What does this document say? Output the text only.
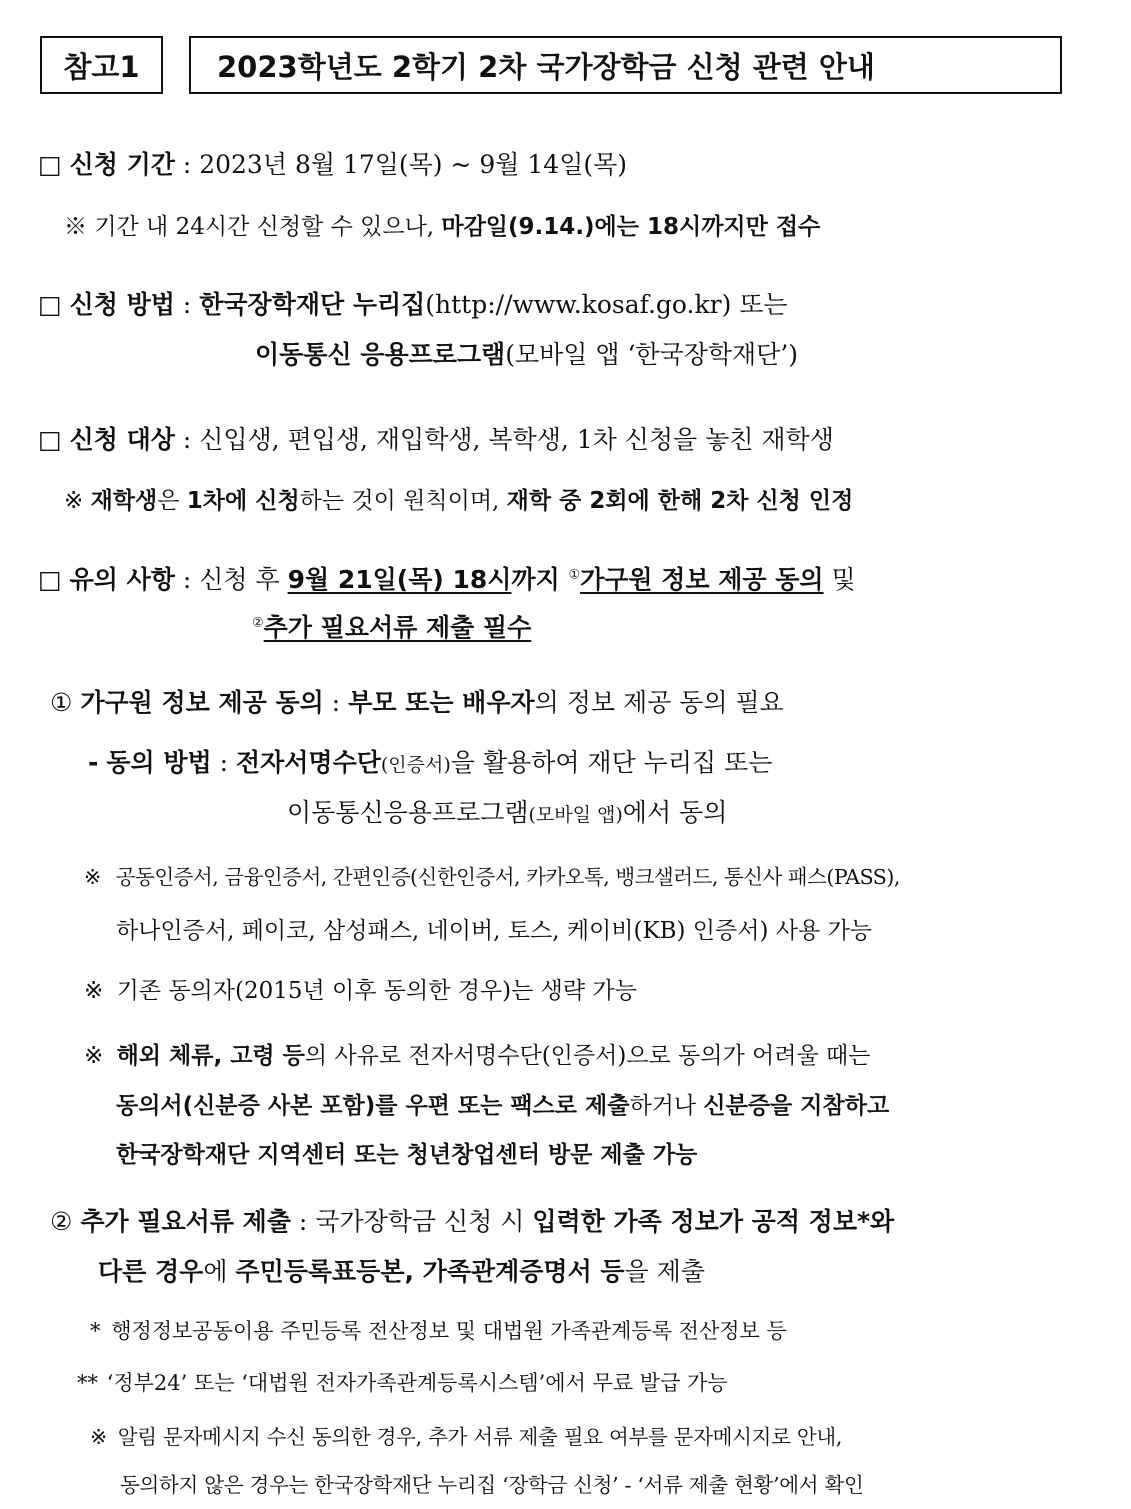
참고1	2023학년도 2학기 2차 국가장학금 신청 관련 안내
□ 신청 기간 : 2023년 8월 17일(목) ~ 9월 14일(목)
※ 기간 내 24시간 신청할 수 있으나, 마감일(9.14.)에는 18시까지만 접수
□ 신청 방법 : 한국장학재단 누리집(http://www.kosaf.go.kr) 또는
이동통신 응용프로그램(모바일 앱 ‘한국장학재단’)
□ 신청 대상 : 신입생, 편입생, 재입학생, 복학생, 1차 신청을 놓친 재학생
※ 재학생은 1차에 신청하는 것이 원칙이며, 재학 중 2회에 한해 2차 신청 인정
□ 유의 사항 : 신청 후 9월 21일(목) 18시까지 ①가구원 정보 제공 동의 및
②추가 필요서류 제출 필수
① 가구원 정보 제공 동의 : 부모 또는 배우자의 정보 제공 동의 필요
- 동의 방법 : 전자서명수단(인증서)을 활용하여 재단 누리집 또는
이동통신응용프로그램(모바일 앱)에서 동의
※ 공동인증서, 금융인증서, 간편인증(신한인증서, 카카오톡, 뱅크샐러드, 통신사 패스(PASS),
하나인증서, 페이코, 삼성패스, 네이버, 토스, 케이비(KB) 인증서) 사용 가능
※ 기존 동의자(2015년 이후 동의한 경우)는 생략 가능
※ 해외 체류, 고령 등의 사유로 전자서명수단(인증서)으로 동의가 어려울 때는
동의서(신분증 사본 포함)를 우편 또는 팩스로 제출하거나 신분증을 지참하고
한국장학재단 지역센터 또는 청년창업센터 방문 제출 가능
② 추가 필요서류 제출 : 국가장학금 신청 시 입력한 가족 정보가 공적 정보*와
다른 경우에 주민등록표등본, 가족관계증명서 등을 제출
* 행정정보공동이용 주민등록 전산정보 및 대법원 가족관계등록 전산정보 등
** ‘정부24’ 또는 ‘대법원 전자가족관계등록시스템’에서 무료 발급 가능
※ 알림 문자메시지 수신 동의한 경우, 추가 서류 제출 필요 여부를 문자메시지로 안내,
동의하지 않은 경우는 한국장학재단 누리집 ‘장학금 신청’ - ‘서류 제출 현황’에서 확인
